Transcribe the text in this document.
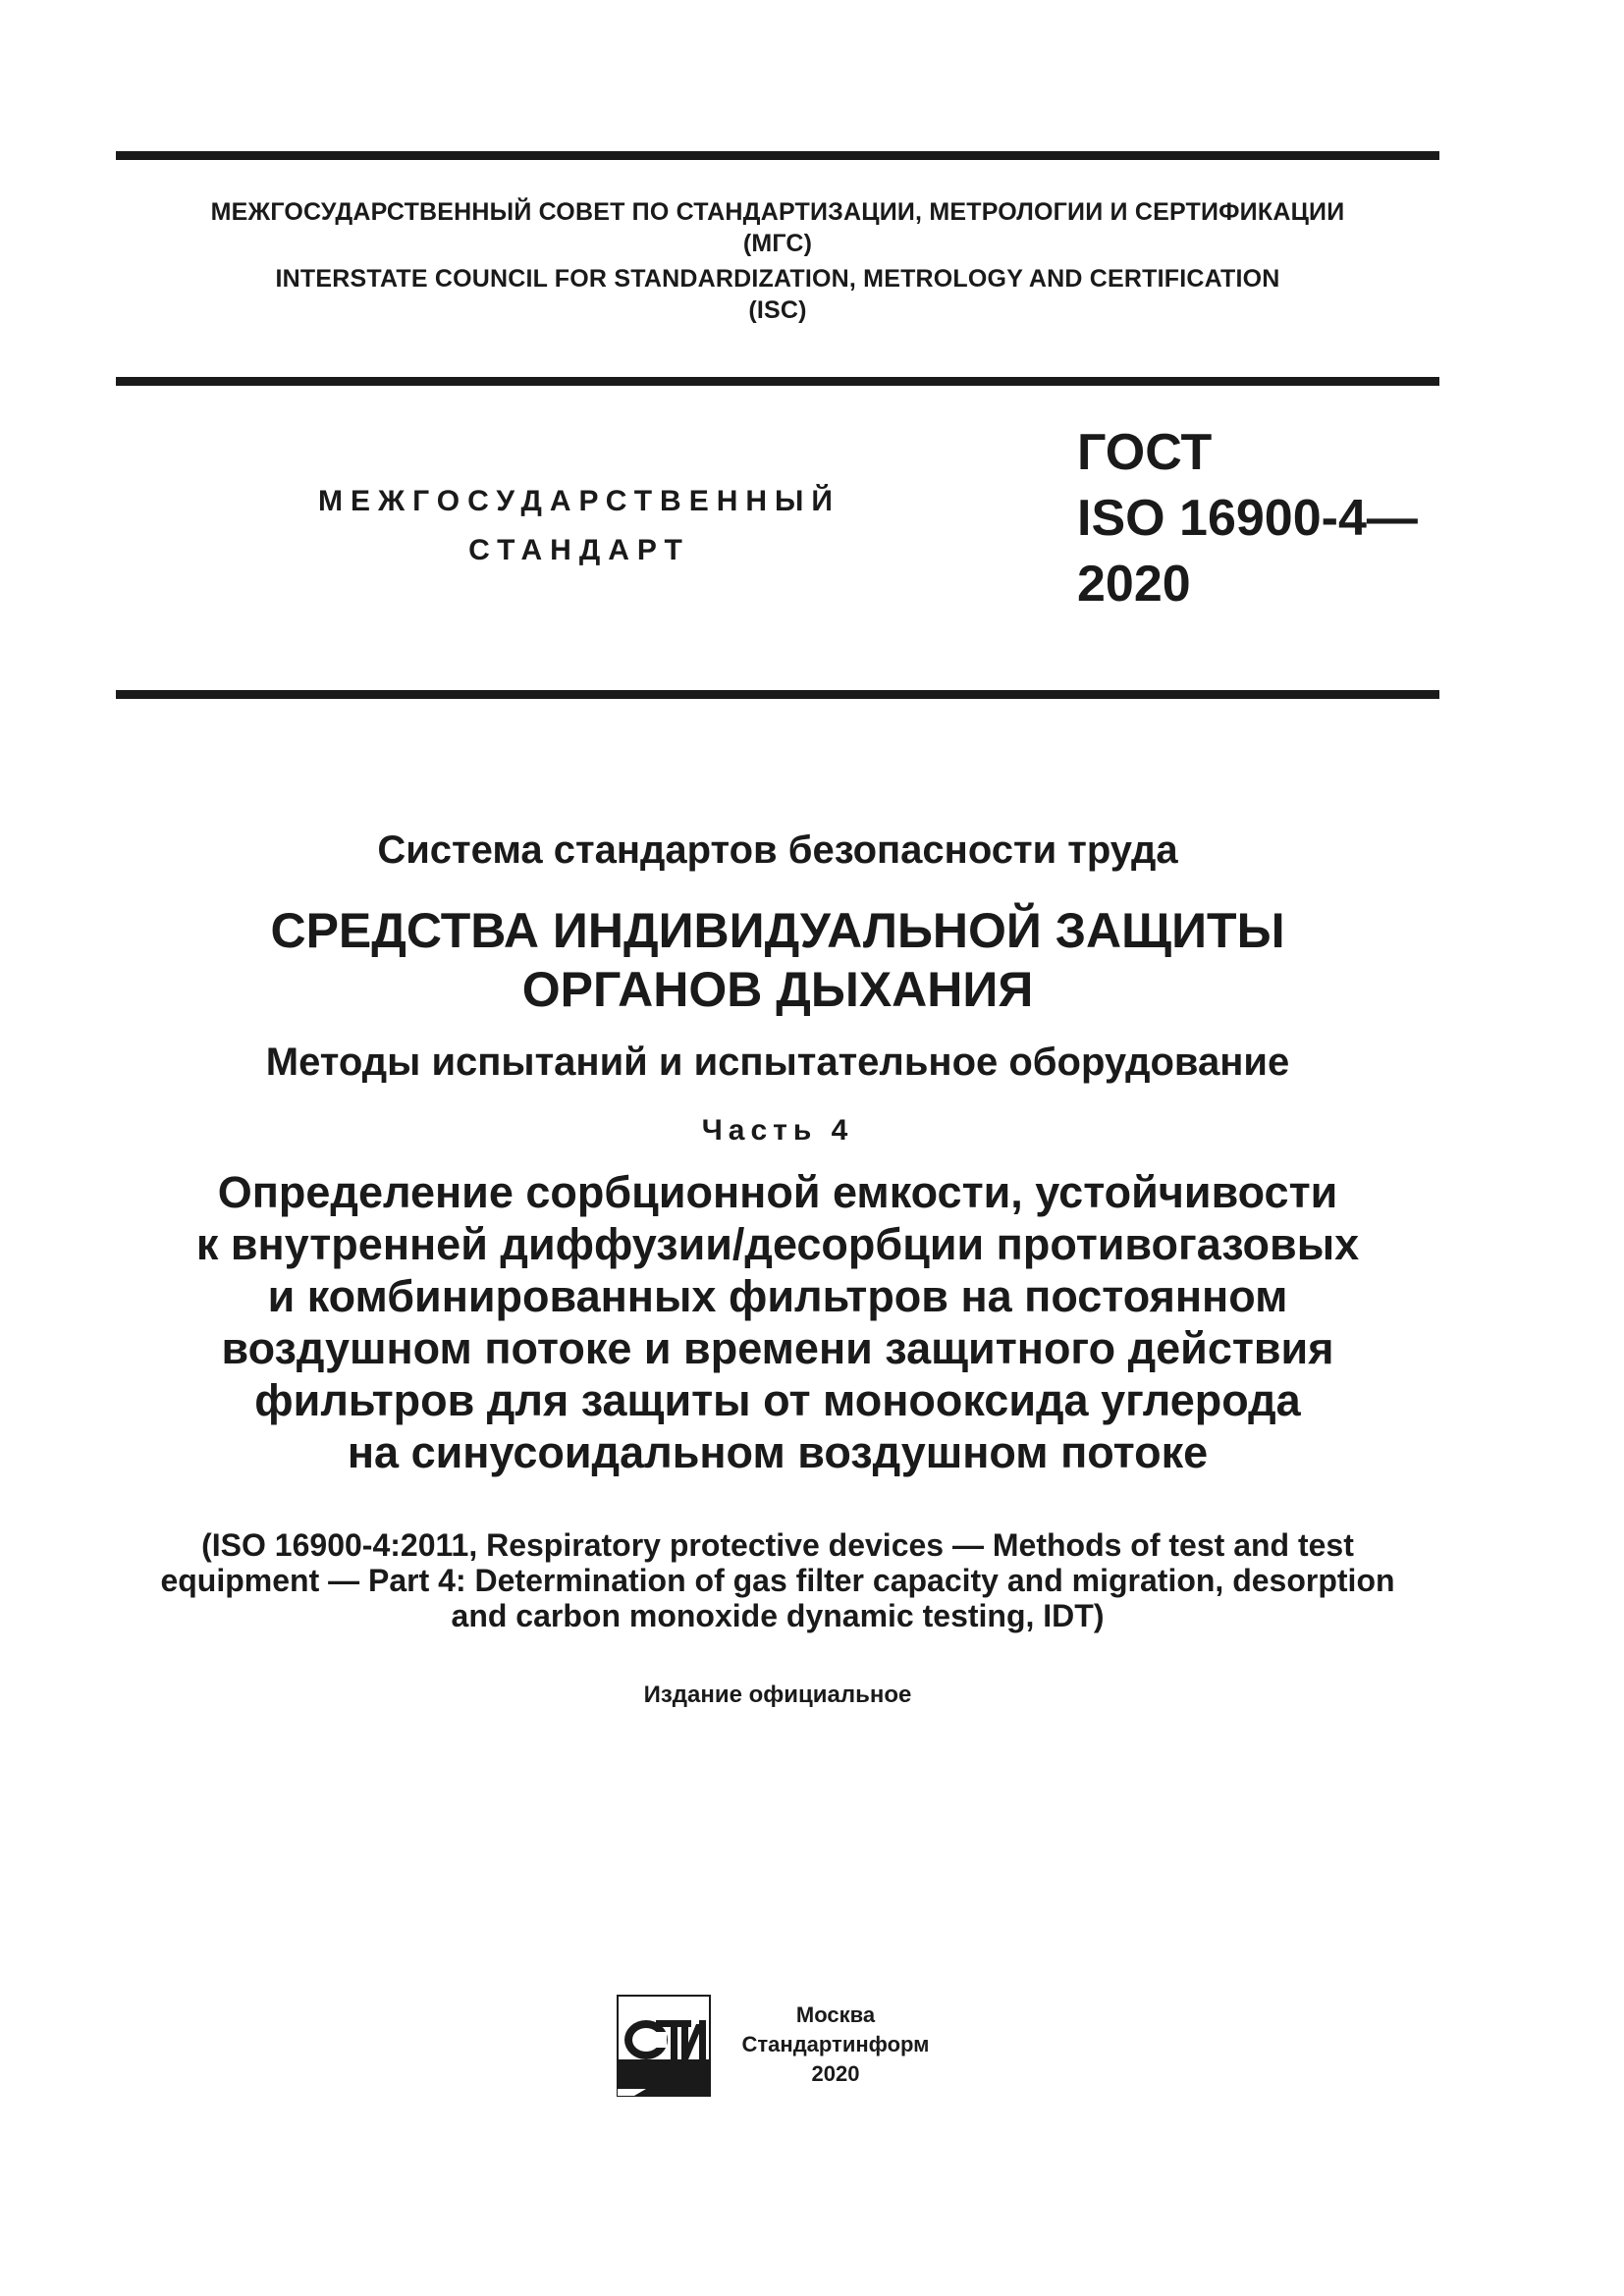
МЕЖГОСУДАРСТВЕННЫЙ СОВЕТ ПО СТАНДАРТИЗАЦИИ, МЕТРОЛОГИИ И СЕРТИФИКАЦИИ
(МГС)
INTERSTATE COUNCIL FOR STANDARDIZATION, METROLOGY AND CERTIFICATION
(ISC)
МЕЖГОСУДАРСТВЕННЫЙ
СТАНДАРТ
ГОСТ
ISO 16900-4—
2020
Система стандартов безопасности труда
СРЕДСТВА ИНДИВИДУАЛЬНОЙ ЗАЩИТЫ
ОРГАНОВ ДЫХАНИЯ
Методы испытаний и испытательное оборудование
Часть 4
Определение сорбционной емкости, устойчивости
к внутренней диффузии/десорбции противогазовых
и комбинированных фильтров на постоянном
воздушном потоке и времени защитного действия
фильтров для защиты от монооксида углерода
на синусоидальном воздушном потоке
(ISO 16900-4:2011, Respiratory protective devices — Methods of test and test
equipment — Part 4: Determination of gas filter capacity and migration, desorption
and carbon monoxide dynamic testing, IDT)
Издание официальное
Москва
Стандартинформ
2020
